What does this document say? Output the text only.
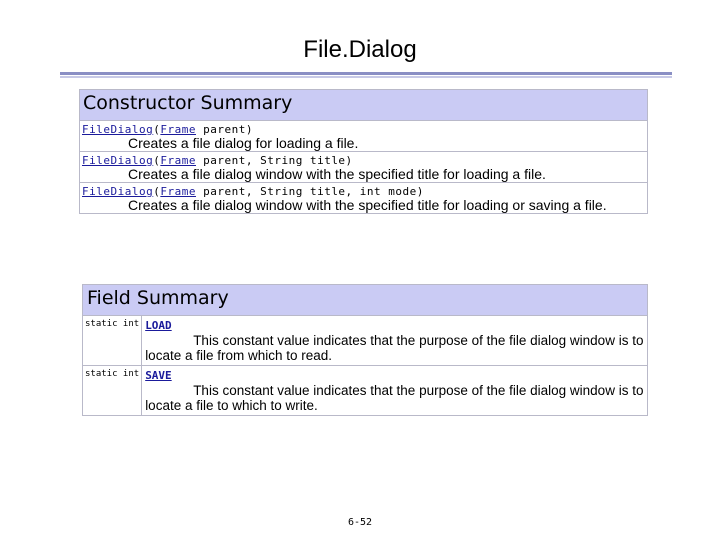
File.Dialog
Constructor Summary

FileDialog(Frame parent)
Creates a file dialog for loading a file.

FileDialog(Frame parent, String title)
Creates a file dialog window with the specified title for loading a file.

FileDialog(Frame parent, String title, int mode)
Creates a file dialog window with the specified title for loading or saving a file.
Field Summary	
static int	LOAD
This constant value indicates that the purpose of the file dialog window is to locate a file from which to read.

static int	SAVE
This constant value indicates that the purpose of the file dialog window is to locate a file to which to write.
6-52
